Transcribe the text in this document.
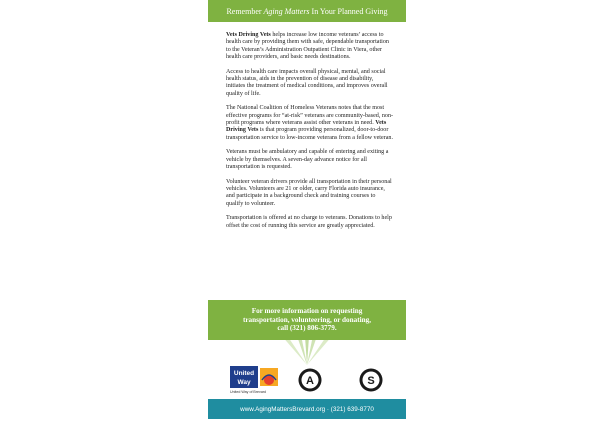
Remember Aging Matters In Your Planned Giving

Vets Driving Vets helps increase low income veterans’ access to health care by providing them with safe, dependable transportation to the Veteran’s Administration Outpatient Clinic in Viera, other health care providers, and basic needs destinations.

Access to health care impacts overall physical, mental, and social health status, aids in the prevention of disease and disability, initiates the treatment of medical conditions, and improves overall quality of life.

The National Coalition of Homeless Veterans notes that the most effective programs for “at-risk” veterans are community-based, non-profit programs where veterans assist other veterans in need. Vets Driving Vets is that program providing personalized, door-to-door transportation service to low-income veterans from a fellow veteran.

Veterans must be ambulatory and capable of entering and exiting a vehicle by themselves. A seven-day advance notice for all transportation is requested.

Volunteer veteran drivers provide all transportation in their personal vehicles. Volunteers are 21 or older, carry Florida auto insurance, and participate in a background check and training courses to qualify to volunteer.

Transportation is offered at no charge to veterans. Donations to help offset the cost of running this service are greatly appreciated.

For more information on requesting transportation, volunteering, or donating, call (321) 806-3779.
United
Way
United Way of Brevard
A	S
www.AgingMattersBrevard.org · (321) 639-8770
